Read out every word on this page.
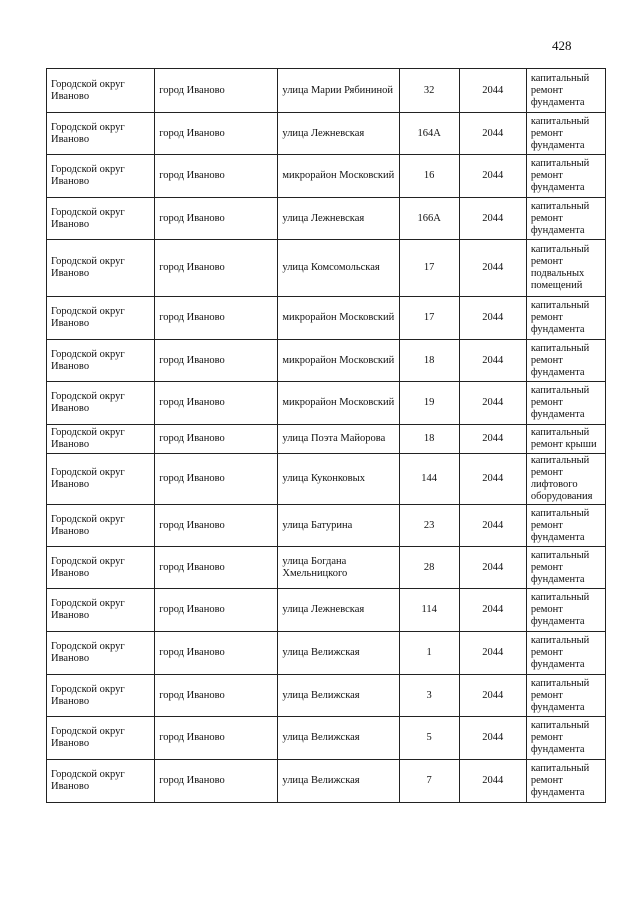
428
Городской округ Иваново	город Иваново	улица Марии Рябининой	32	2044	капитальный ремонт фундамента
Городской округ Иваново	город Иваново	улица Лежневская	164А	2044	капитальный ремонт фундамента
Городской округ Иваново	город Иваново	микрорайон Московский	16	2044	капитальный ремонт фундамента
Городской округ Иваново	город Иваново	улица Лежневская	166А	2044	капитальный ремонт фундамента
Городской округ Иваново	город Иваново	улица Комсомольская	17	2044	капитальный ремонт подвальных помещений
Городской округ Иваново	город Иваново	микрорайон Московский	17	2044	капитальный ремонт фундамента
Городской округ Иваново	город Иваново	микрорайон Московский	18	2044	капитальный ремонт фундамента
Городской округ Иваново	город Иваново	микрорайон Московский	19	2044	капитальный ремонт фундамента
Городской округ Иваново	город Иваново	улица Поэта Майорова	18	2044	капитальный ремонт крыши
Городской округ Иваново	город Иваново	улица Куконковых	144	2044	капитальный ремонт лифтового оборудования
Городской округ Иваново	город Иваново	улица Батурина	23	2044	капитальный ремонт фундамента
Городской округ Иваново	город Иваново	улица Богдана Хмельницкого	28	2044	капитальный ремонт фундамента
Городской округ Иваново	город Иваново	улица Лежневская	114	2044	капитальный ремонт фундамента
Городской округ Иваново	город Иваново	улица Велижская	1	2044	капитальный ремонт фундамента
Городской округ Иваново	город Иваново	улица Велижская	3	2044	капитальный ремонт фундамента
Городской округ Иваново	город Иваново	улица Велижская	5	2044	капитальный ремонт фундамента
Городской округ Иваново	город Иваново	улица Велижская	7	2044	капитальный ремонт фундамента
